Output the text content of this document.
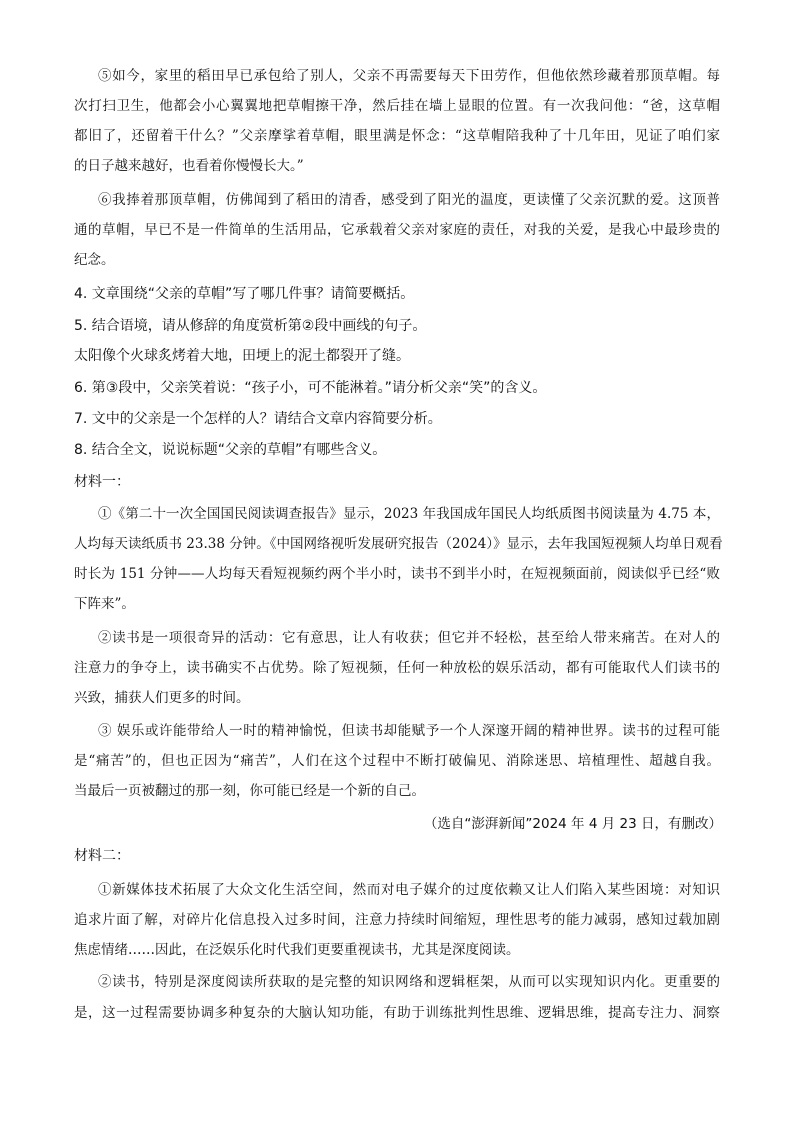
⑤如今，家里的稻田早已承包给了别人，父亲不再需要每天下田劳作，但他依然珍藏着那顶草帽。每
次打扫卫生，他都会小心翼翼地把草帽擦干净，然后挂在墙上显眼的位置。有一次我问他：“爸，这草帽
都旧了，还留着干什么？”父亲摩挲着草帽，眼里满是怀念：“这草帽陪我种了十几年田，见证了咱们家
的日子越来越好，也看着你慢慢长大。”
⑥我捧着那顶草帽，仿佛闻到了稻田的清香，感受到了阳光的温度，更读懂了父亲沉默的爱。这顶普
通的草帽，早已不是一件简单的生活用品，它承载着父亲对家庭的责任，对我的关爱，是我心中最珍贵的
纪念。
4. 文章围绕“父亲的草帽”写了哪几件事？请简要概括。
5. 结合语境，请从修辞的角度赏析第②段中画线的句子。
太阳像个火球炙烤着大地，田埂上的泥土都裂开了缝。
6. 第③段中，父亲笑着说：“孩子小，可不能淋着。”请分析父亲“笑”的含义。
7. 文中的父亲是一个怎样的人？请结合文章内容简要分析。
8. 结合全文，说说标题“父亲的草帽”有哪些含义。
材料一：
①《第二十一次全国国民阅读调查报告》显示，2023 年我国成年国民人均纸质图书阅读量为 4.75 本，
人均每天读纸质书 23.38 分钟。《中国网络视听发展研究报告（2024）》显示，去年我国短视频人均单日观看
时长为 151 分钟——人均每天看短视频约两个半小时，读书不到半小时，在短视频面前，阅读似乎已经“败
下阵来”。
②读书是一项很奇异的活动：它有意思，让人有收获；但它并不轻松，甚至给人带来痛苦。在对人的
注意力的争夺上，读书确实不占优势。除了短视频，任何一种放松的娱乐活动，都有可能取代人们读书的
兴致，捕获人们更多的时间。
③ 娱乐或许能带给人一时的精神愉悦，但读书却能赋予一个人深邃开阔的精神世界。读书的过程可能
是“痛苦”的，但也正因为“痛苦”，人们在这个过程中不断打破偏见、消除迷思、培植理性、超越自我。
当最后一页被翻过的那一刻，你可能已经是一个新的自己。
（选自“澎湃新闻”2024 年 4 月 23 日，有删改）
材料二：
①新媒体技术拓展了大众文化生活空间，然而对电子媒介的过度依赖又让人们陷入某些困境：对知识
追求片面了解，对碎片化信息投入过多时间，注意力持续时间缩短，理性思考的能力减弱，感知过载加剧
焦虑情绪……因此，在泛娱乐化时代我们更要重视读书，尤其是深度阅读。
②读书，特别是深度阅读所获取的是完整的知识网络和逻辑框架，从而可以实现知识内化。更重要的
是，这一过程需要协调多种复杂的大脑认知功能，有助于训练批判性思维、逻辑思维，提高专注力、洞察
